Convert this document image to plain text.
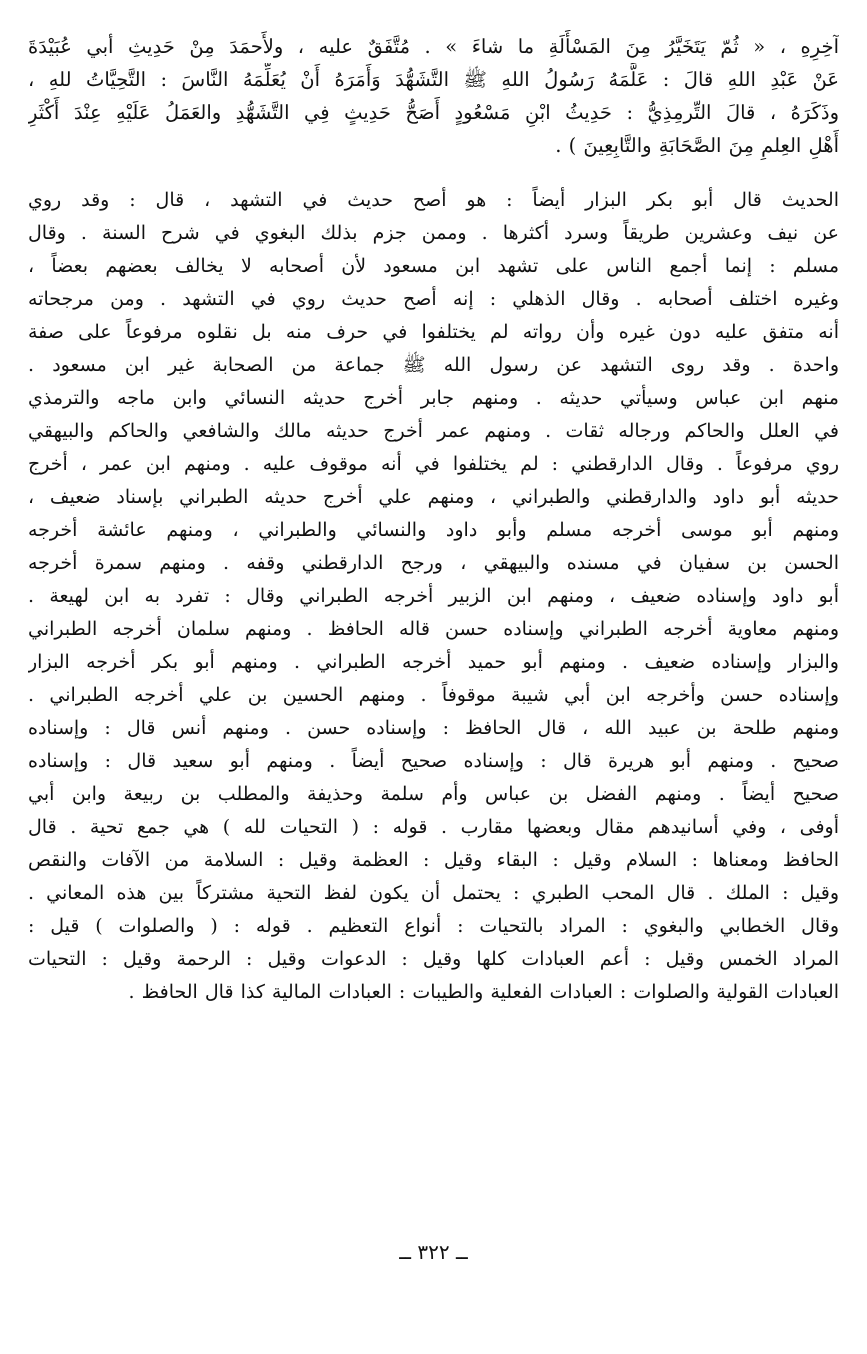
آخِرِهِ ، « ثُمّ يَتَخَيَّرُ مِنَ المَسْأَلَةِ ما شاءَ » . مُتَّفَقٌ عليه ، ولأَحمَدَ مِنْ حَدِيثِ أبي عُبَيْدَةَ
عَنْ عَبْدِ اللهِ قالَ : عَلَّمَهُ رَسُولُ اللهِ ﷺ التَّشَهُّدَ وَأَمَرَهُ أَنْ يُعَلِّمَهُ النَّاسَ : التَّحِيَّاتُ للهِ ،
وذَكَرَهُ ، قالَ التِّرمِذِيُّ : حَدِيثُ ابْنِ مَسْعُودٍ أَصَحُّ حَدِيثٍ فِي التَّشَهُّدِ والعَمَلُ عَلَيْهِ عِنْدَ أَكْثَرِ
أَهْلِ العِلمِ مِنَ الصَّحَابَةِ والتَّابِعِينَ ) .
الحديث قال أبو بكر البزار أيضاً : هو أصح حديث في التشهد ، قال : وقد روي
عن نيف وعشرين طريقاً وسرد أكثرها . وممن جزم بذلك البغوي في شرح السنة . وقال
مسلم : إنما أجمع الناس على تشهد ابن مسعود لأن أصحابه لا يخالف بعضهم بعضاً ،
وغيره اختلف أصحابه . وقال الذهلي : إنه أصح حديث روي في التشهد . ومن مرجحاته
أنه متفق عليه دون غيره وأن رواته لم يختلفوا في حرف منه بل نقلوه مرفوعاً على صفة
واحدة . وقد روى التشهد عن رسول الله ﷺ جماعة من الصحابة غير ابن مسعود .
منهم ابن عباس وسيأتي حديثه . ومنهم جابر أخرج حديثه النسائي وابن ماجه والترمذي
في العلل والحاكم ورجاله ثقات . ومنهم عمر أخرج حديثه مالك والشافعي والحاكم والبيهقي
روي مرفوعاً . وقال الدارقطني : لم يختلفوا في أنه موقوف عليه . ومنهم ابن عمر ، أخرج
حديثه أبو داود والدارقطني والطبراني ، ومنهم علي أخرج حديثه الطبراني بإسناد ضعيف ،
ومنهم أبو موسى أخرجه مسلم وأبو داود والنسائي والطبراني ، ومنهم عائشة أخرجه
الحسن بن سفيان في مسنده والبيهقي ، ورجح الدارقطني وقفه . ومنهم سمرة أخرجه
أبو داود وإسناده ضعيف ، ومنهم ابن الزبير أخرجه الطبراني وقال : تفرد به ابن لهيعة .
ومنهم معاوية أخرجه الطبراني وإسناده حسن قاله الحافظ . ومنهم سلمان أخرجه الطبراني
والبزار وإسناده ضعيف . ومنهم أبو حميد أخرجه الطبراني . ومنهم أبو بكر أخرجه البزار
وإسناده حسن وأخرجه ابن أبي شيبة موقوفاً . ومنهم الحسين بن علي أخرجه الطبراني .
ومنهم طلحة بن عبيد الله ، قال الحافظ : وإسناده حسن . ومنهم أنس قال : وإسناده
صحيح . ومنهم أبو هريرة قال : وإسناده صحيح أيضاً . ومنهم أبو سعيد قال : وإسناده
صحيح أيضاً . ومنهم الفضل بن عباس وأم سلمة وحذيفة والمطلب بن ربيعة وابن أبي
أوفى ، وفي أسانيدهم مقال وبعضها مقارب . قوله : ( التحيات لله ) هي جمع تحية . قال
الحافظ ومعناها : السلام وقيل : البقاء وقيل : العظمة وقيل : السلامة من الآفات والنقص
وقيل : الملك . قال المحب الطبري : يحتمل أن يكون لفظ التحية مشتركاً بين هذه المعاني .
وقال الخطابي والبغوي : المراد بالتحيات : أنواع التعظيم . قوله : ( والصلوات ) قيل :
المراد الخمس وقيل : أعم العبادات كلها وقيل : الدعوات وقيل : الرحمة وقيل : التحيات
العبادات القولية والصلوات : العبادات الفعلية والطيبات : العبادات المالية كذا قال الحافظ .
ــ ٣٢٢ ــ
